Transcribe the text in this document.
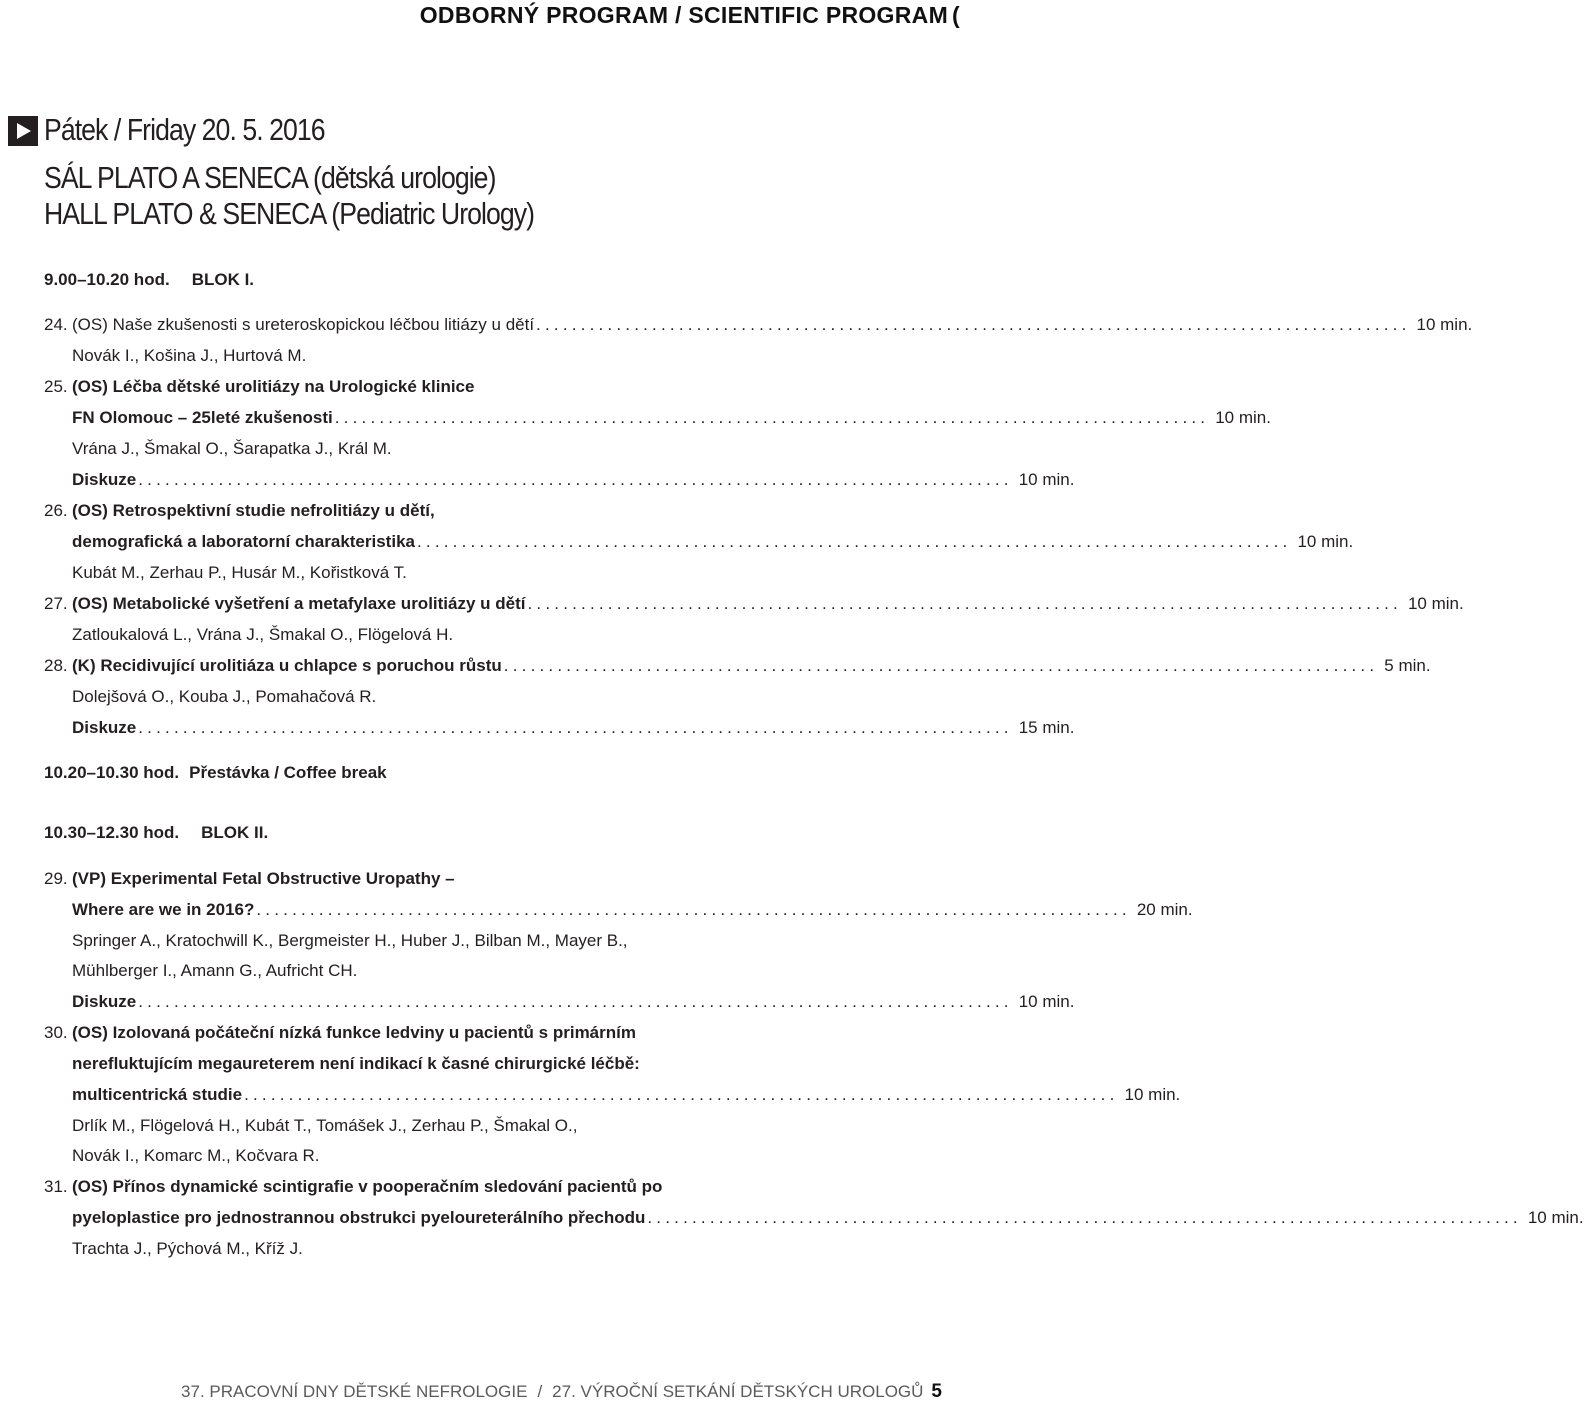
ODBORNÝ PROGRAM / SCIENTIFIC PROGRAM (
Pátek / Friday 20. 5. 2016
SÁL PLATO A SENECA (dětská urologie)
HALL PLATO & SENECA (Pediatric Urology)
9.00–10.20 hod. BLOK I.
24. (OS) Naše zkušenosti s ureteroskopickou léčbou litiázy u dětí .................................................................................................. 10 min.
Novák I., Košina J., Hurtová M.
25. (OS) Léčba dětské urolitiázy na Urologické klinice
FN Olomouc – 25leté zkušenosti .................................................................................................. 10 min.
Vrána J., Šmakal O., Šarapatka J., Král M.
Diskuze .................................................................................................. 10 min.
26. (OS) Retrospektivní studie nefrolitiázy u dětí,
demografická a laboratorní charakteristika .................................................................................................. 10 min.
Kubát M., Zerhau P., Husár M., Kořistková T.
27. (OS) Metabolické vyšetření a metafylaxe urolitiázy u dětí .................................................................................................. 10 min.
Zatloukalová L., Vrána J., Šmakal O., Flögelová H.
28. (K) Recidivující urolitiáza u chlapce s poruchou růstu .................................................................................................. 5 min.
Dolejšová O., Kouba J., Pomahačová R.
Diskuze .................................................................................................. 15 min.
10.20–10.30 hod. Přestávka / Coffee break
10.30–12.30 hod. BLOK II.
29. (VP) Experimental Fetal Obstructive Uropathy –
Where are we in 2016? .................................................................................................. 20 min.
Springer A., Kratochwill K., Bergmeister H., Huber J., Bilban M., Mayer B.,
Mühlberger I., Amann G., Aufricht CH.
Diskuze .................................................................................................. 10 min.
30. (OS) Izolovaná počáteční nízká funkce ledviny u pacientů s primárním
nerefluktujícím megaureterem není indikací k časné chirurgické léčbě:
multicentrická studie .................................................................................................. 10 min.
Drlík M., Flögelová H., Kubát T., Tomášek J., Zerhau P., Šmakal O.,
Novák I., Komarc M., Kočvara R.
31. (OS) Přínos dynamické scintigrafie v pooperačním sledování pacientů po
pyeloplastice pro jednostrannou obstrukci pyeloureterálního přechodu .................................................................................................. 10 min.
Trachta J., Pýchová M., Kříž J.
37. PRACOVNÍ DNY DĚTSKÉ NEFROLOGIE / 27. VÝROČNÍ SETKÁNÍ DĚTSKÝCH UROLOGŮ 5
